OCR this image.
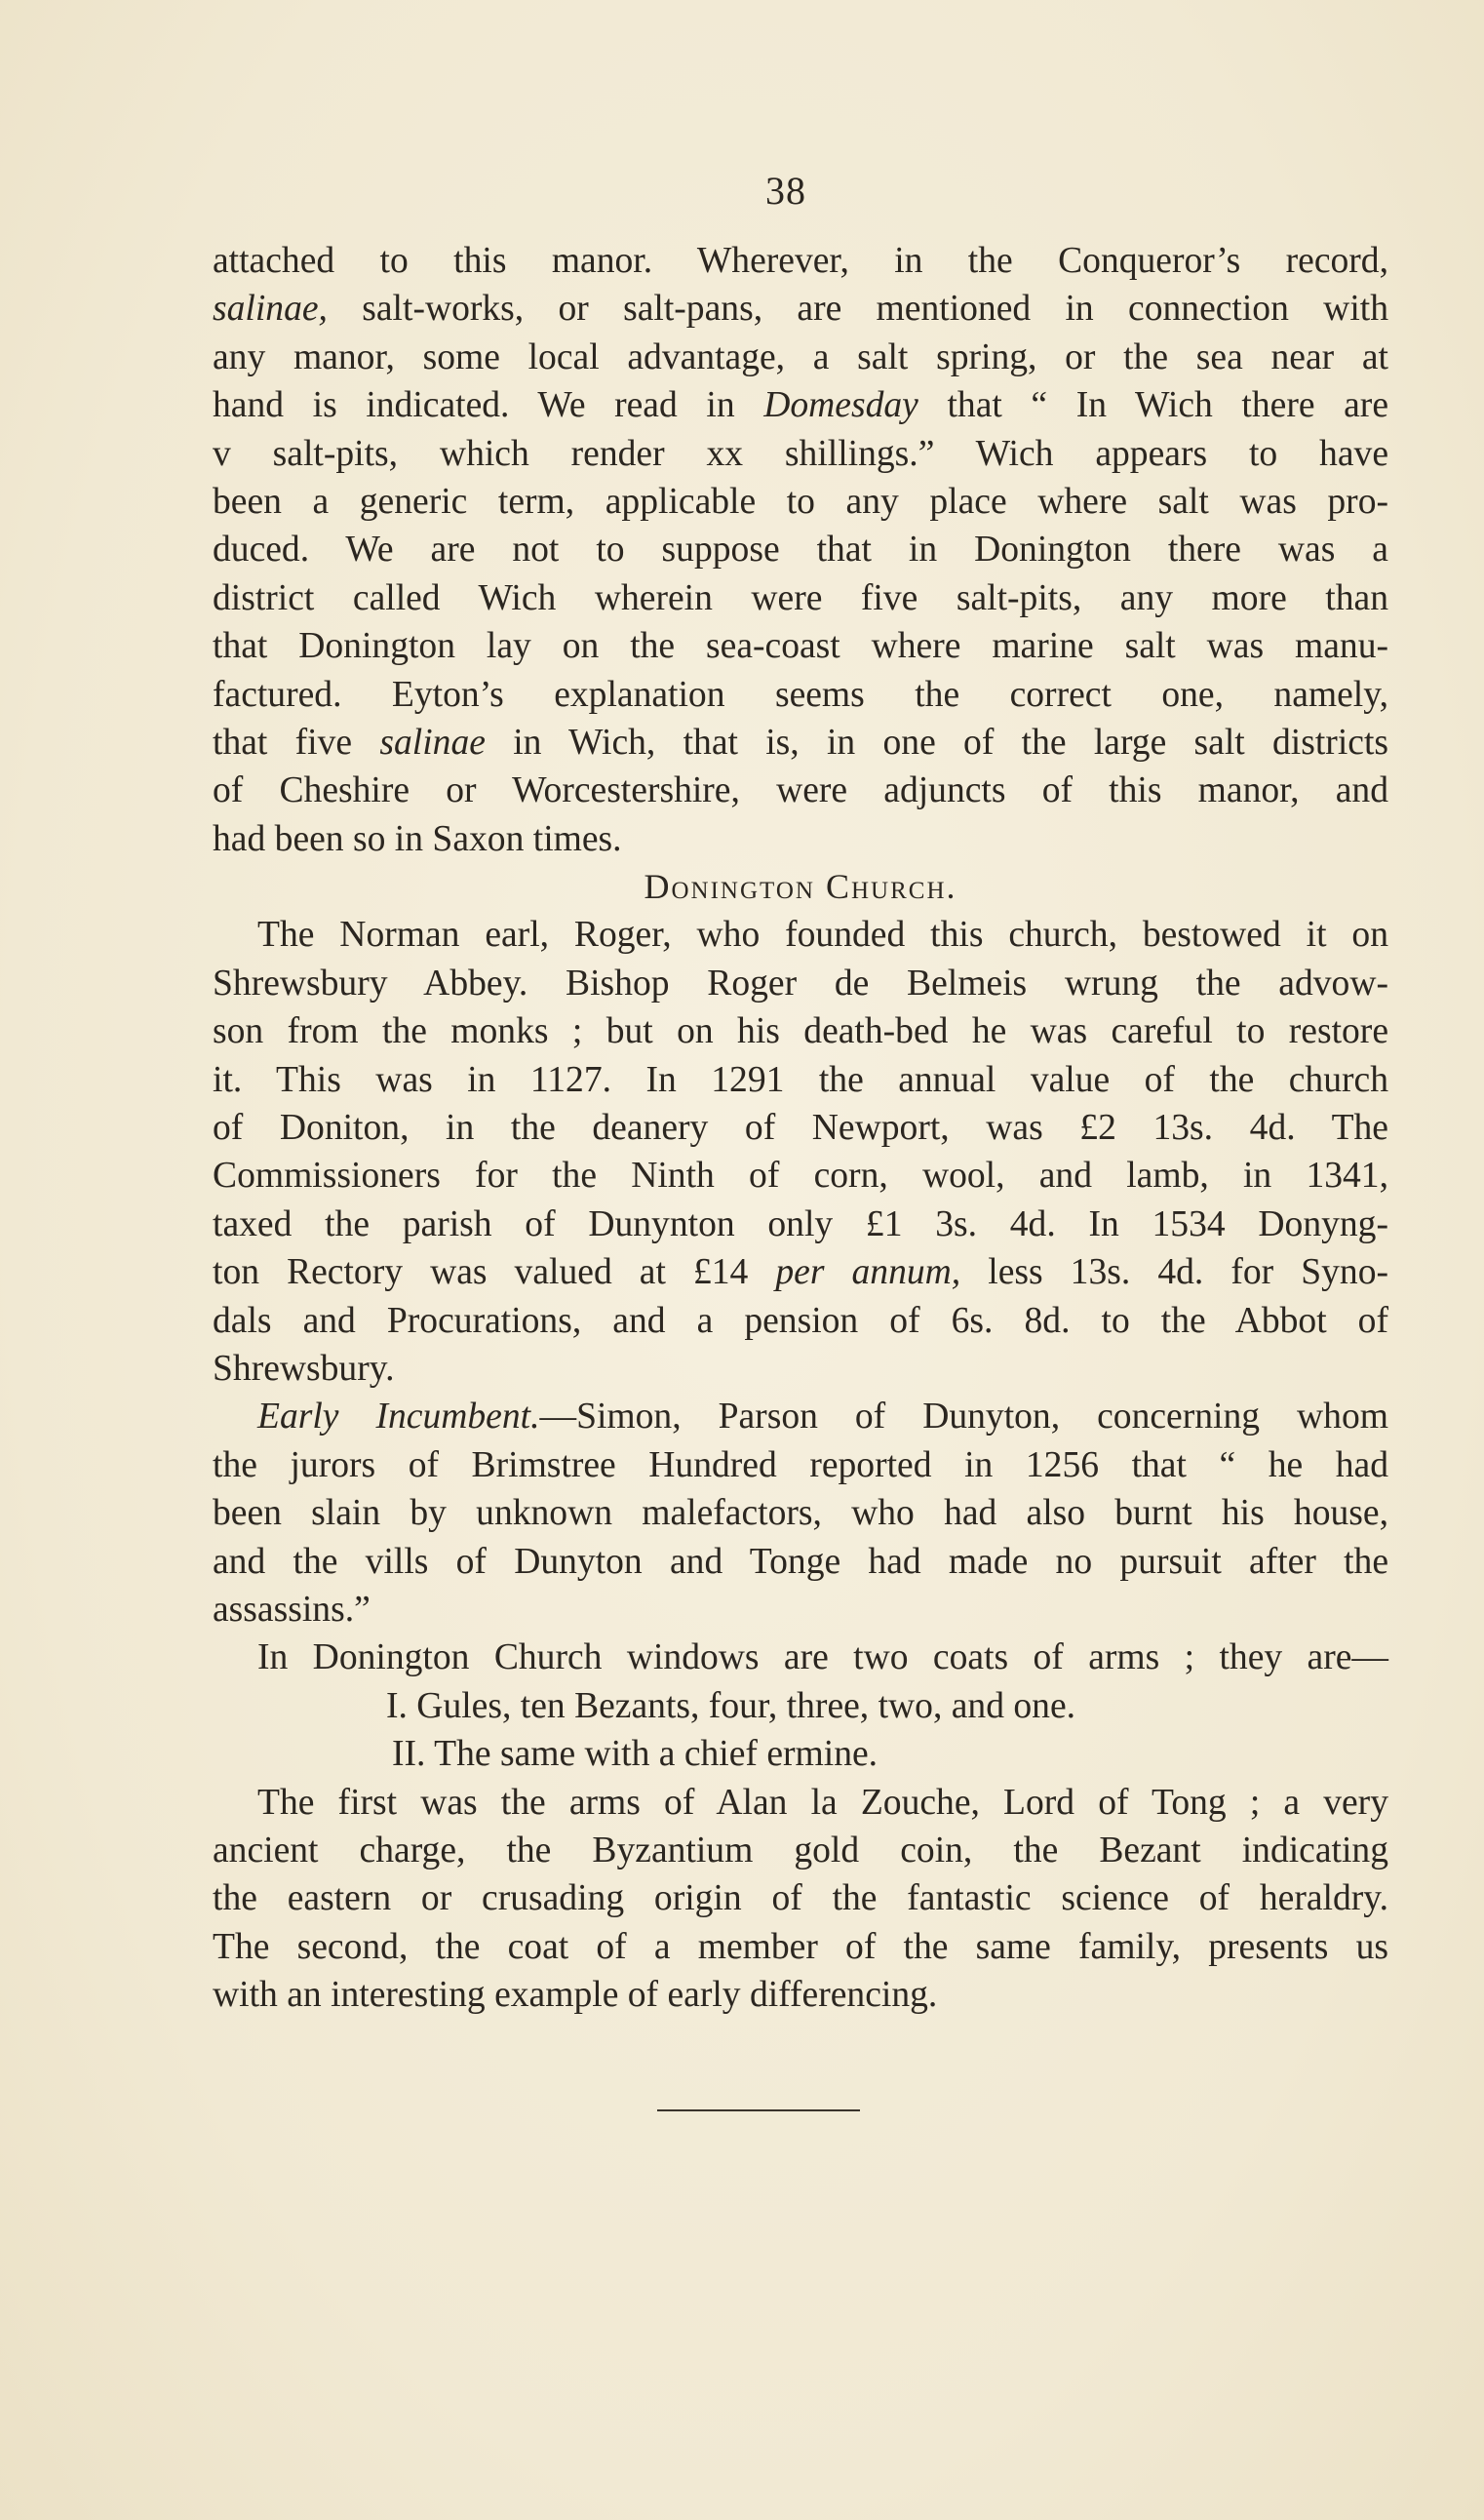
38
attached to this manor. Wherever, in the Conqueror’s record,
salinae, salt-works, or salt-pans, are mentioned in connection with
any manor, some local advantage, a salt spring, or the sea near at
hand is indicated. We read in Domesday that “ In Wich there are
v salt-pits, which render xx shillings.” Wich appears to have
been a generic term, applicable to any place where salt was pro-
duced. We are not to suppose that in Donington there was a
district called Wich wherein were five salt-pits, any more than
that Donington lay on the sea-coast where marine salt was manu-
factured. Eyton’s explanation seems the correct one, namely,
that five salinae in Wich, that is, in one of the large salt districts
of Cheshire or Worcestershire, were adjuncts of this manor, and
had been so in Saxon times.
Donington Church.
The Norman earl, Roger, who founded this church, bestowed it on
Shrewsbury Abbey. Bishop Roger de Belmeis wrung the advow-
son from the monks ; but on his death-bed he was careful to restore
it. This was in 1127. In 1291 the annual value of the church
of Doniton, in the deanery of Newport, was £2 13s. 4d. The
Commissioners for the Ninth of corn, wool, and lamb, in 1341,
taxed the parish of Dunynton only £1 3s. 4d. In 1534 Donyng-
ton Rectory was valued at £14 per annum, less 13s. 4d. for Syno-
dals and Procurations, and a pension of 6s. 8d. to the Abbot of
Shrewsbury.
Early Incumbent.—Simon, Parson of Dunyton, concerning whom
the jurors of Brimstree Hundred reported in 1256 that “ he had
been slain by unknown malefactors, who had also burnt his house,
and the vills of Dunyton and Tonge had made no pursuit after the
assassins.”
In Donington Church windows are two coats of arms ; they are—
I. Gules, ten Bezants, four, three, two, and one.
II. The same with a chief ermine.
The first was the arms of Alan la Zouche, Lord of Tong ; a very
ancient charge, the Byzantium gold coin, the Bezant indicating
the eastern or crusading origin of the fantastic science of heraldry.
The second, the coat of a member of the same family, presents us
with an interesting example of early differencing.
